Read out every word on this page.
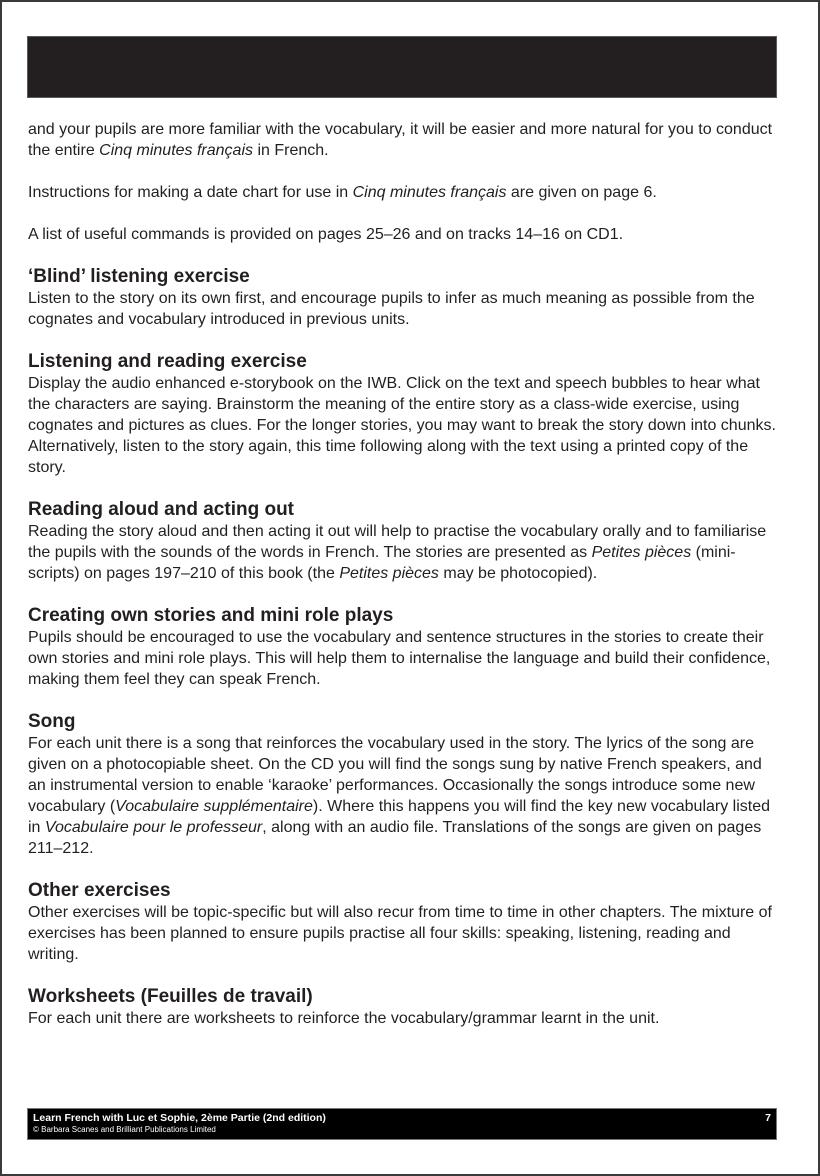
and your pupils are more familiar with the vocabulary, it will be easier and more natural for you to conduct the entire Cinq minutes français in French.

Instructions for making a date chart for use in Cinq minutes français are given on page 6.

A list of useful commands is provided on pages 25–26 and on tracks 14–16 on CD1.

‘Blind’ listening exercise

Listen to the story on its own first, and encourage pupils to infer as much meaning as possible from the cognates and vocabulary introduced in previous units.

Listening and reading exercise

Display the audio enhanced e-storybook on the IWB. Click on the text and speech bubbles to hear what the characters are saying. Brainstorm the meaning of the entire story as a class-wide exercise, using cognates and pictures as clues. For the longer stories, you may want to break the story down into chunks. Alternatively, listen to the story again, this time following along with the text using a printed copy of the story.

Reading aloud and acting out

Reading the story aloud and then acting it out will help to practise the vocabulary orally and to familiarise the pupils with the sounds of the words in French. The stories are presented as Petites pièces (mini-scripts) on pages 197–210 of this book (the Petites pièces may be photocopied).

Creating own stories and mini role plays

Pupils should be encouraged to use the vocabulary and sentence structures in the stories to create their own stories and mini role plays. This will help them to internalise the language and build their confidence, making them feel they can speak French.

Song

For each unit there is a song that reinforces the vocabulary used in the story. The lyrics of the song are given on a photocopiable sheet. On the CD you will find the songs sung by native French speakers, and an instrumental version to enable ‘karaoke’ performances. Occasionally the songs introduce some new vocabulary (Vocabulaire supplémentaire). Where this happens you will find the key new vocabulary listed in Vocabulaire pour le professeur, along with an audio file. Translations of the songs are given on pages 211–212.

Other exercises

Other exercises will be topic-specific but will also recur from time to time in other chapters. The mixture of exercises has been planned to ensure pupils practise all four skills: speaking, listening, reading and writing.

Worksheets (Feuilles de travail)

For each unit there are worksheets to reinforce the vocabulary/grammar learnt in the unit.

Learn French with Luc et Sophie, 2ème Partie (2nd edition)
© Barbara Scanes and Brilliant Publications Limited
7
